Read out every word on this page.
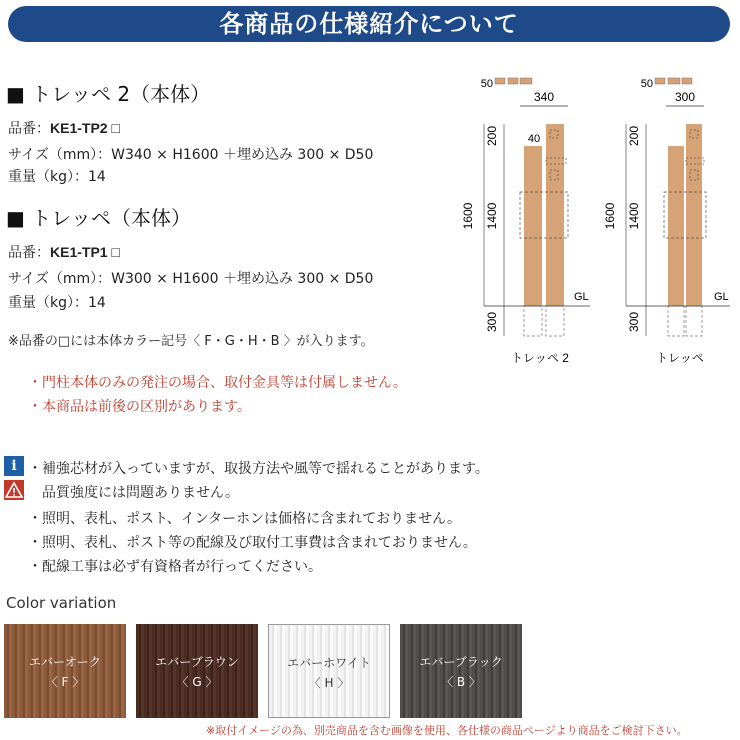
各商品の仕様紹介について
■ トレッペ 2（本体）
品番：KE1-TP2 □
サイズ（mm）：W340 × H1600 ＋埋め込み 300 × D50
重量（kg）：14
■ トレッペ（本体）
品番：KE1-TP1 □
サイズ（mm）：W300 × H1600 ＋埋め込み 300 × D50
重量（kg）：14
※品番の□には本体カラー記号〈 F・G・H・B 〉が入ります。
・門柱本体のみの発注の場合、取付金具等は付属しません。
・本商品は前後の区別があります。
i ・補強芯材が入っていますが、取扱方法や風等で揺れることがあります。
　品質強度には問題ありません。
・照明、表札、ポスト、インターホンは価格に含まれておりません。
・照明、表札、ポスト等の配線及び取付工事費は含まれておりません。
・配線工事は必ず有資格者が行ってください。
50
340
40
1600 1400
200
300
GL
トレッペ 2
50
300
1600 1400
200
300
GL
トレッペ
Color variation
エバーオーク
〈 F 〉
エバーブラウン
〈 G 〉
エバーホワイト
〈 H 〉
エバーブラック
〈 B 〉
※取付イメージの為、別売商品を含む画像を使用、各仕様の商品ページより商品をご検討下さい。
